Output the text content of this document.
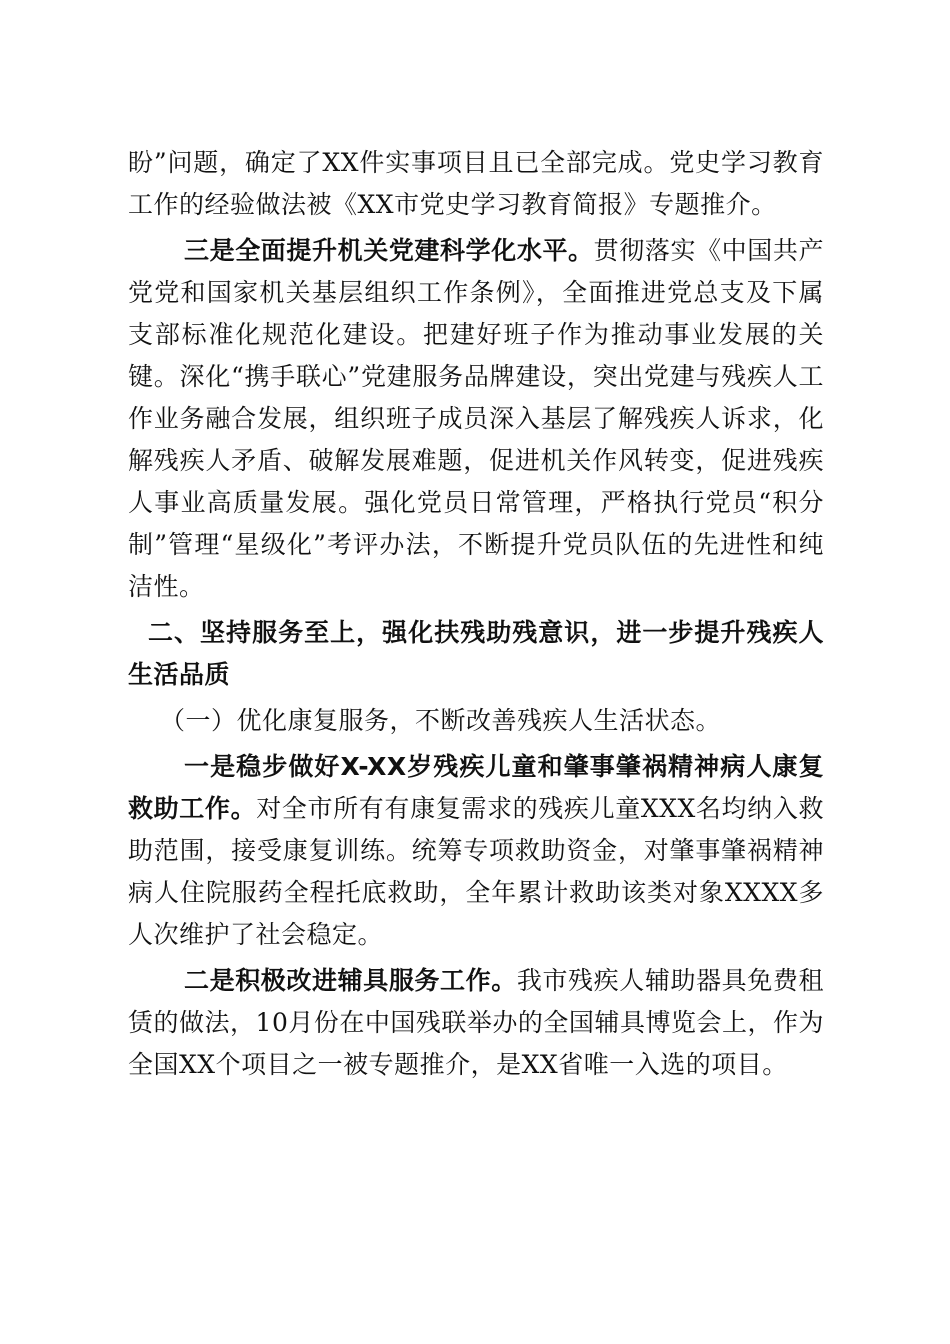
盼”问题，确定了XX件实事项目且已全部完成。党史学习教育工作的经验做法被《XX市党史学习教育简报》专题推介。

三是全面提升机关党建科学化水平。贯彻落实《中国共产党党和国家机关基层组织工作条例》，全面推进党总支及下属支部标准化规范化建设。把建好班子作为推动事业发展的关键。深化“携手联心”党建服务品牌建设，突出党建与残疾人工作业务融合发展，组织班子成员深入基层了解残疾人诉求，化解残疾人矛盾、破解发展难题，促进机关作风转变，促进残疾人事业高质量发展。强化党员日常管理，严格执行党员“积分制”管理“星级化”考评办法，不断提升党员队伍的先进性和纯洁性。

二、坚持服务至上，强化扶残助残意识，进一步提升残疾人生活品质

（一）优化康复服务，不断改善残疾人生活状态。

一是稳步做好X-XX岁残疾儿童和肇事肇祸精神病人康复救助工作。对全市所有有康复需求的残疾儿童XXX名均纳入救助范围，接受康复训练。统筹专项救助资金，对肇事肇祸精神病人住院服药全程托底救助，全年累计救助该类对象XXXX多人次维护了社会稳定。

二是积极改进辅具服务工作。我市残疾人辅助器具免费租赁的做法，10月份在中国残联举办的全国辅具博览会上，作为全国XX个项目之一被专题推介，是XX省唯一入选的项目。
